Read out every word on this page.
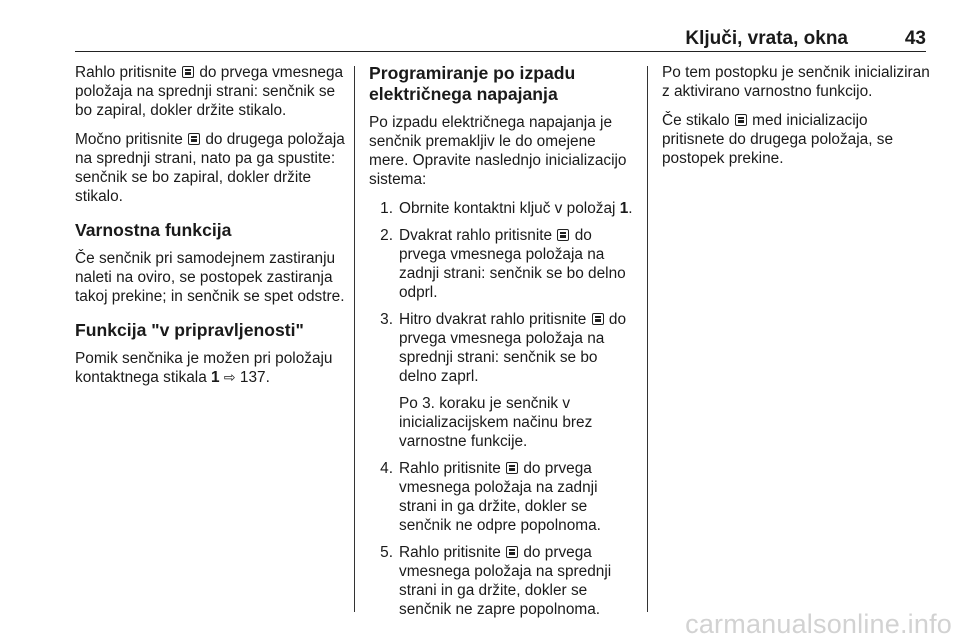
Ključi, vrata, okna	43

Rahlo pritisnite do prvega vmesnega položaja na sprednji strani: senčnik se bo zapiral, dokler držite stikalo.

Močno pritisnite do drugega položaja na sprednji strani, nato pa ga spustite: senčnik se bo zapiral, dokler držite stikalo.

Varnostna funkcija

Če senčnik pri samodejnem zastiranju naleti na oviro, se postopek zastiranja takoj prekine; in senčnik se spet odstre.

Funkcija "v pripravljenosti"

Pomik senčnika je možen pri položaju kontaktnega stikala 1 ⇨ 137.

Programiranje po izpadu električnega napajanja

Po izpadu električnega napajanja je senčnik premakljiv le do omejene mere. Opravite naslednjo inicializacijo sistema:

1. Obrnite kontaktni ključ v položaj 1.
2. Dvakrat rahlo pritisnite do prvega vmesnega položaja na zadnji strani: senčnik se bo delno odprl.
3. Hitro dvakrat rahlo pritisnite do prvega vmesnega položaja na sprednji strani: senčnik se bo delno zaprl.

Po 3. koraku je senčnik v inicializacijskem načinu brez varnostne funkcije.

4. Rahlo pritisnite do prvega vmesnega položaja na zadnji strani in ga držite, dokler se senčnik ne odpre popolnoma.
5. Rahlo pritisnite do prvega vmesnega položaja na sprednji strani in ga držite, dokler se senčnik ne zapre popolnoma.

Po tem postopku je senčnik inicializiran z aktivirano varnostno funkcijo.

Če stikalo med inicializacijo pritisnete do drugega položaja, se postopek prekine.

carmanualsonline.info
